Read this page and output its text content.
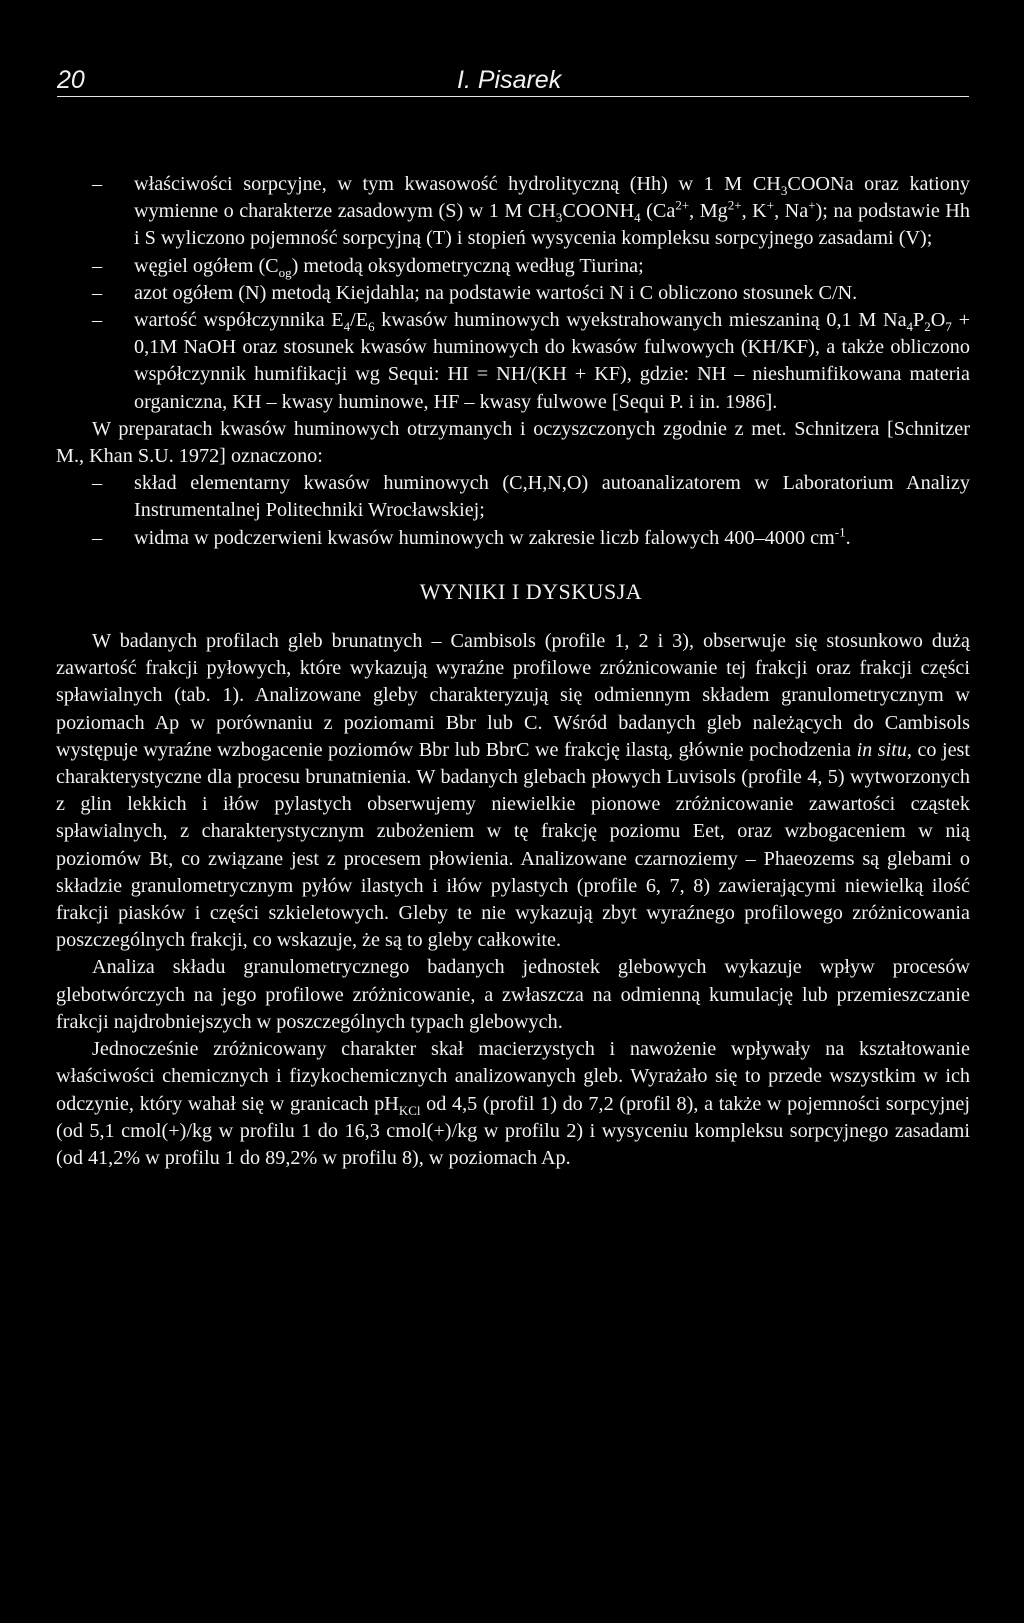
20	I. Pisarek
– właściwości sorpcyjne, w tym kwasowość hydrolityczną (Hh) w 1 M $CH_3COONa$ oraz kationy wymienne o charakterze zasadowym (S) w 1 M $CH_3COONH_4$ ($Ca^{2+}$, $Mg^{2+}$, K+, Na+); na podstawie Hh i S wyliczono pojemność sorpcyjną (T) i stopień wysycenia kompleksu sorpcyjnego zasadami (V);
– węgiel ogółem $(C_{og})$ metodą oksydometryczną według Tiurina;
– azot ogółem (N) metodą Kiejdahla; na podstawie wartości N i C obliczono stosunek C/N.
– wartość współczynnika $E_4/E_6$ kwasów huminowych wyekstrahowanych mieszaniną 0,1 M $Na_4P_2O_7 + 0,1M$ NaOH oraz stosunek kwasów huminowych do kwasów fulwowych (KH/KF), a także obliczono współczynnik humifikacji wg Sequi: HI = NH/(KH + KF), gdzie: NH – nieshumifikowana materia organiczna, KH – kwasy huminowe, HF – kwasy fulwowe [Sequi P. i in. 1986].

W preparatach kwasów huminowych otrzymanych i oczyszczonych zgodnie z met. Schnitzera [Schnitzer M., Khan S.U. 1972] oznaczono:

– skład elementarny kwasów huminowych (C,H,N,O) autoanalizatorem w Laboratorium Analizy Instrumentalnej Politechniki Wrocławskiej;
– widma w podczerwieni kwasów huminowych w zakresie liczb falowych 400–4000 $cm^{-1}$.
WYNIKI I DYSKUSJA

W badanych profilach gleb brunatnych – Cambisols (profile 1, 2 i 3), obserwuje się stosunkowo dużą zawartość frakcji pyłowych, które wykazują wyraźne profilowe zróżnicowanie tej frakcji oraz frakcji części spławialnych (tab. 1). Analizowane gleby charakteryzują się odmiennym składem granulometrycznym w poziomach Ap w porównaniu z poziomami Bbr lub C. Wśród badanych gleb należących do Cambisols występuje wyraźne wzbogacenie poziomów Bbr lub BbrC we frakcję ilastą, głównie pochodzenia in situ, co jest charakterystyczne dla procesu brunatnienia. W badanych glebach płowych Luvisols (profile 4, 5) wytworzonych z glin lekkich i iłów pylastych obserwujemy niewielkie pionowe zróżnicowanie zawartości cząstek spławialnych, z charakterystycznym zubożeniem w tę frakcję poziomu Eet, oraz wzbogaceniem w nią poziomów Bt, co związane jest z procesem płowienia. Analizowane czarnoziemy – Phaeozems są glebami o składzie granulometrycznym pyłów ilastych i iłów pylastych (profile 6, 7, 8) zawierającymi niewielką ilość frakcji piasków i części szkieletowych. Gleby te nie wykazują zbyt wyraźnego profilowego zróżnicowania poszczególnych frakcji, co wskazuje, że są to gleby całkowite.

Analiza składu granulometrycznego badanych jednostek glebowych wykazuje wpływ procesów glebotwórczych na jego profilowe zróżnicowanie, a zwłaszcza na odmienną kumulację lub przemieszczanie frakcji najdrobniejszych w poszczególnych typach glebowych.

Jednocześnie zróżnicowany charakter skał macierzystych i nawożenie wpływały na kształtowanie właściwości chemicznych i fizykochemicznych analizowanych gleb. Wyrażało się to przede wszystkim w ich odczynie, który wahał się w granicach $pH_{KCl}$ od 4,5 (profil 1) do 7,2 (profil 8), a także w pojemności sorpcyjnej (od 5,1 cmol(+)/kg w profilu 1 do 16,3 cmol(+)/kg w profilu 2) i wysyceniu kompleksu sorpcyjnego zasadami (od 41,2% w profilu 1 do 89,2% w profilu 8), w poziomach Ap.
